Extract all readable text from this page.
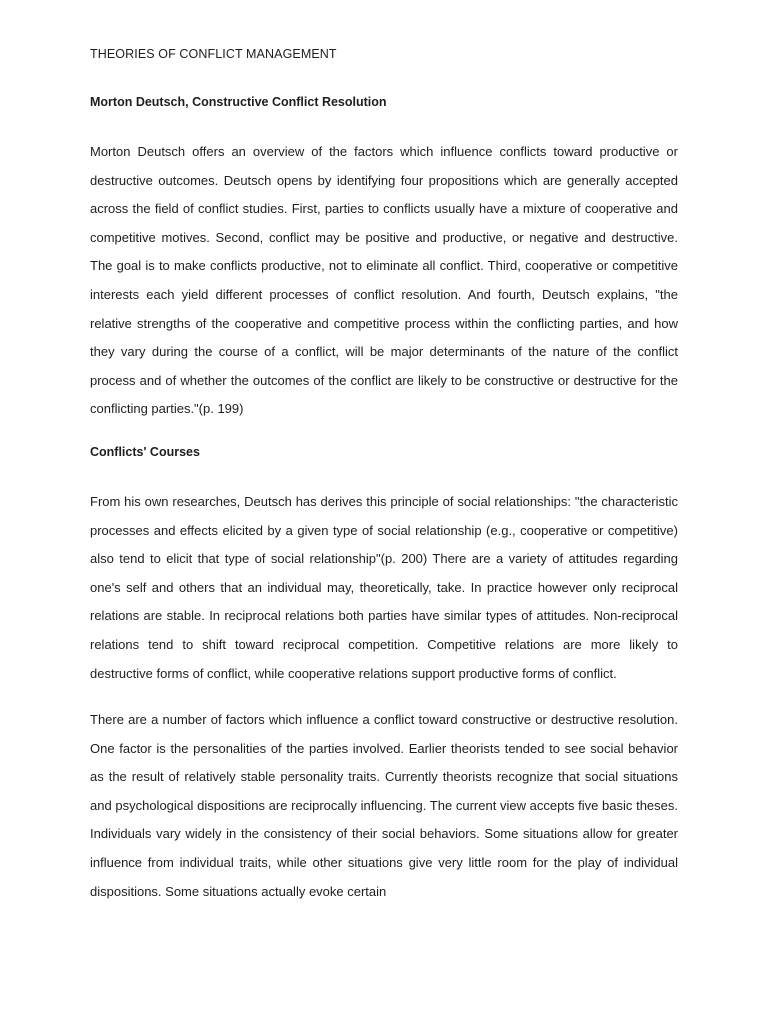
THEORIES OF CONFLICT MANAGEMENT
Morton Deutsch, Constructive Conflict Resolution

Morton Deutsch offers an overview of the factors which influence conflicts toward productive or destructive outcomes. Deutsch opens by identifying four propositions which are generally accepted across the field of conflict studies. First, parties to conflicts usually have a mixture of cooperative and competitive motives. Second, conflict may be positive and productive, or negative and destructive. The goal is to make conflicts productive, not to eliminate all conflict. Third, cooperative or competitive interests each yield different processes of conflict resolution. And fourth, Deutsch explains, "the relative strengths of the cooperative and competitive process within the conflicting parties, and how they vary during the course of a conflict, will be major determinants of the nature of the conflict process and of whether the outcomes of the conflict are likely to be constructive or destructive for the conflicting parties."(p. 199)

Conflicts' Courses

From his own researches, Deutsch has derives this principle of social relationships: "the characteristic processes and effects elicited by a given type of social relationship (e.g., cooperative or competitive) also tend to elicit that type of social relationship"(p. 200) There are a variety of attitudes regarding one's self and others that an individual may, theoretically, take. In practice however only reciprocal relations are stable. In reciprocal relations both parties have similar types of attitudes. Non-reciprocal relations tend to shift toward reciprocal competition. Competitive relations are more likely to destructive forms of conflict, while cooperative relations support productive forms of conflict.

There are a number of factors which influence a conflict toward constructive or destructive resolution. One factor is the personalities of the parties involved. Earlier theorists tended to see social behavior as the result of relatively stable personality traits. Currently theorists recognize that social situations and psychological dispositions are reciprocally influencing. The current view accepts five basic theses. Individuals vary widely in the consistency of their social behaviors. Some situations allow for greater influence from individual traits, while other situations give very little room for the play of individual dispositions. Some situations actually evoke certain
